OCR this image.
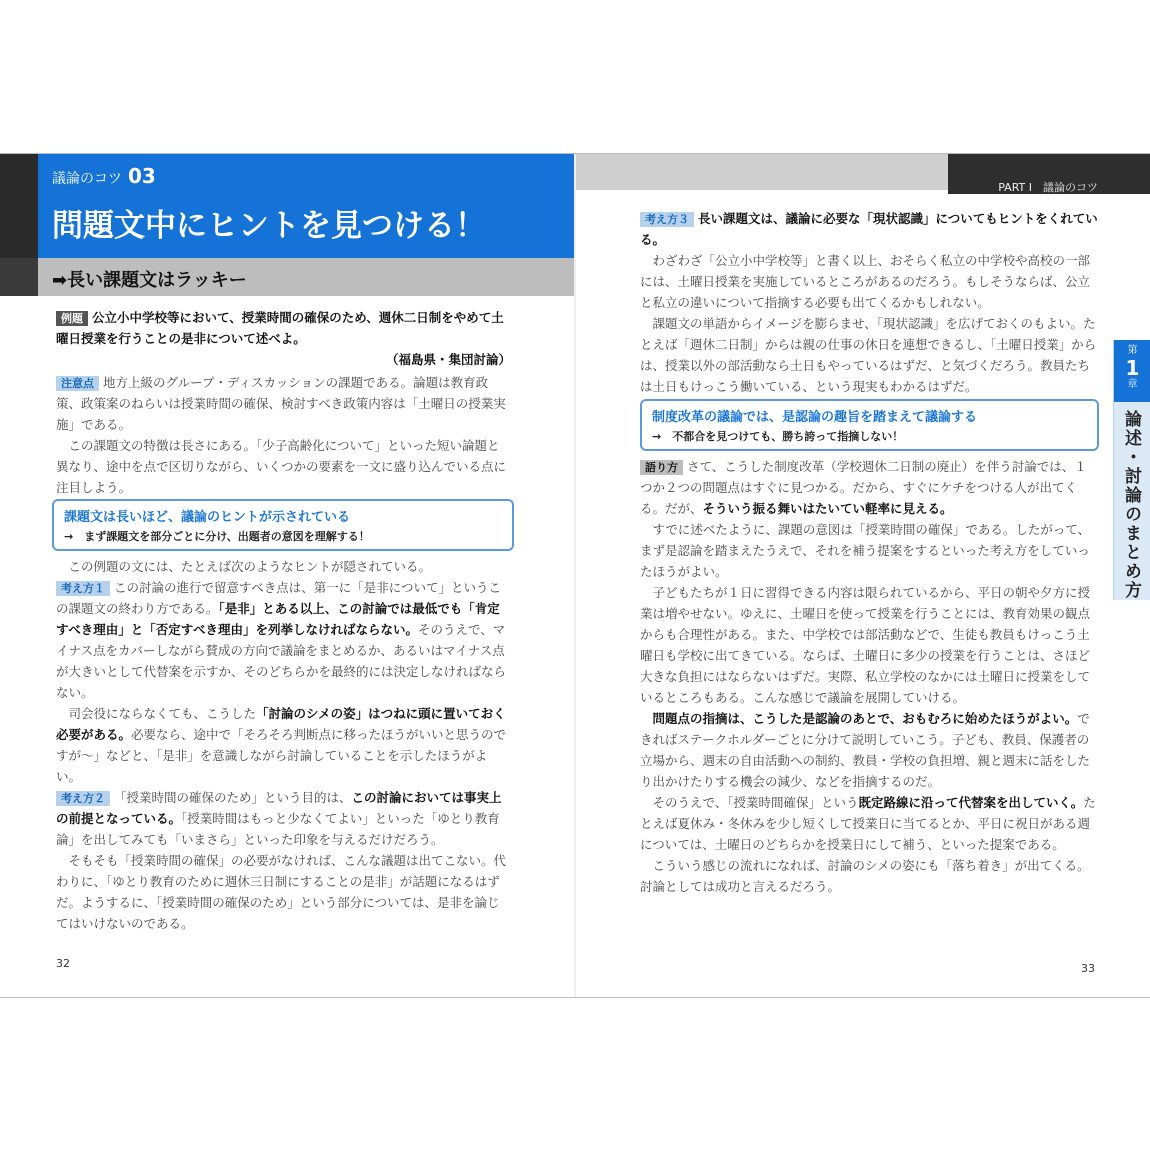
議論のコツ 03
問題文中にヒントを見つける！
➡長い課題文はラッキー
例題 公立小中学校等において、授業時間の確保のため、週休二日制をやめて土曜日授業を行うことの是非について述べよ。
（福島県・集団討論）

注意点 地方上級のグループ・ディスカッションの課題である。論題は教育政策、政策案のねらいは授業時間の確保、検討すべき政策内容は「土曜日の授業実施」である。

この課題文の特徴は長さにある。「少子高齢化について」といった短い論題と異なり、途中を点で区切りながら、いくつかの要素を一文に盛り込んでいる点に注目しよう。

課題文は長いほど、議論のヒントが示されている
→　まず課題文を部分ごとに分け、出題者の意図を理解する！

この例題の文には、たとえば次のようなヒントが隠されている。

考え方１ この討論の進行で留意すべき点は、第一に「是非について」というこの課題文の終わり方である。「是非」とある以上、この討論では最低でも「肯定すべき理由」と「否定すべき理由」を列挙しなければならない。そのうえで、マイナス点をカバーしながら賛成の方向で議論をまとめるか、あるいはマイナス点が大きいとして代替案を示すか、そのどちらかを最終的には決定しなければならない。

司会役にならなくても、こうした「討論のシメの姿」はつねに頭に置いておく必要がある。必要なら、途中で「そろそろ判断点に移ったほうがいいと思うのですが～」などと、「是非」を意識しながら討論していることを示したほうがよい。

考え方２ 「授業時間の確保のため」という目的は、この討論においては事実上の前提となっている。「授業時間はもっと少なくてよい」といった「ゆとり教育論」を出してみても「いまさら」といった印象を与えるだけだろう。

そもそも「授業時間の確保」の必要がなければ、こんな議題は出てこない。代わりに、「ゆとり教育のために週休三日制にすることの是非」が話題になるはずだ。ようするに、「授業時間の確保のため」という部分については、是非を論じてはいけないのである。

32
PART Ⅰ　議論のコツ

考え方３ 長い課題文は、議論に必要な「現状認識」についてもヒントをくれている。

わざわざ「公立小中学校等」と書く以上、おそらく私立の中学校や高校の一部には、土曜日授業を実施しているところがあるのだろう。もしそうならば、公立と私立の違いについて指摘する必要も出てくるかもしれない。

課題文の単語からイメージを膨らませ、「現状認識」を広げておくのもよい。たとえば「週休二日制」からは親の仕事の休日を連想できるし、「土曜日授業」からは、授業以外の部活動なら土日もやっているはずだ、と気づくだろう。教員たちは土日もけっこう働いている、という現実もわかるはずだ。

制度改革の議論では、是認論の趣旨を踏まえて議論する
→　不都合を見つけても、勝ち誇って指摘しない！

語り方 さて、こうした制度改革（学校週休二日制の廃止）を伴う討論では、１つか２つの問題点はすぐに見つかる。だから、すぐにケチをつける人が出てくる。だが、そういう振る舞いはたいてい軽率に見える。

すでに述べたように、課題の意図は「授業時間の確保」である。したがって、まず是認論を踏まえたうえで、それを補う提案をするといった考え方をしていったほうがよい。

子どもたちが１日に習得できる内容は限られているから、平日の朝や夕方に授業は増やせない。ゆえに、土曜日を使って授業を行うことには、教育効果の観点からも合理性がある。また、中学校では部活動などで、生徒も教員もけっこう土曜日も学校に出てきている。ならば、土曜日に多少の授業を行うことは、さほど大きな負担にはならないはずだ。実際、私立学校のなかには土曜日に授業をしているところもある。こんな感じで議論を展開していける。

問題点の指摘は、こうした是認論のあとで、おもむろに始めたほうがよい。できればステークホルダーごとに分けて説明していこう。子ども、教員、保護者の立場から、週末の自由活動への制約、教員・学校の負担増、親と週末に話をしたり出かけたりする機会の減少、などを指摘するのだ。

そのうえで、「授業時間確保」という既定路線に沿って代替案を出していく。たとえば夏休み・冬休みを少し短くして授業日に当てるとか、平日に祝日がある週については、土曜日のどちらかを授業日にして補う、といった提案である。

こういう感じの流れになれば、討論のシメの姿にも「落ち着き」が出てくる。討論としては成功と言えるだろう。

33
第
1
章
論述・討論のまとめ方
